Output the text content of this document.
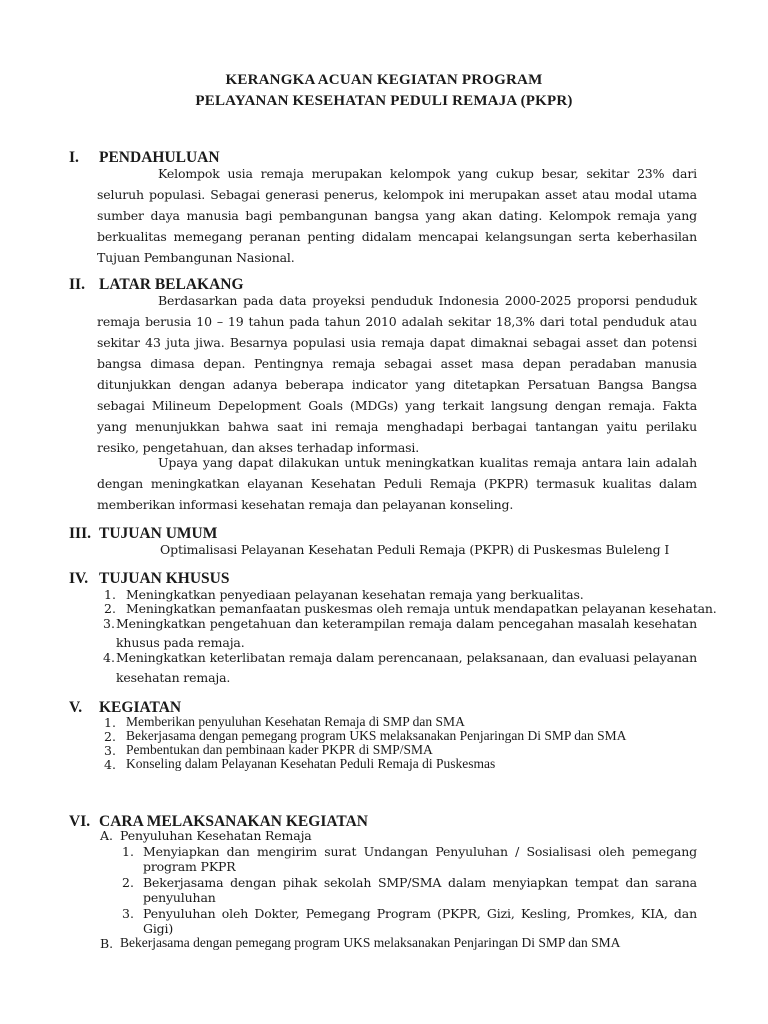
KERANGKA ACUAN KEGIATAN PROGRAM
PELAYANAN KESEHATAN PEDULI REMAJA (PKPR)
I. PENDAHULUAN
Kelompok usia remaja merupakan kelompok yang cukup besar, sekitar 23% dari seluruh populasi. Sebagai generasi penerus, kelompok ini merupakan asset atau modal utama sumber daya manusia bagi pembangunan bangsa yang akan dating. Kelompok remaja yang berkualitas memegang peranan penting didalam mencapai kelangsungan serta keberhasilan Tujuan Pembangunan Nasional.
II. LATAR BELAKANG
Berdasarkan pada data proyeksi penduduk Indonesia 2000-2025 proporsi penduduk remaja berusia 10 – 19 tahun pada tahun 2010 adalah sekitar 18,3% dari total penduduk atau sekitar 43 juta jiwa. Besarnya populasi usia remaja dapat dimaknai sebagai asset dan potensi bangsa dimasa depan. Pentingnya remaja sebagai asset masa depan peradaban manusia ditunjukkan dengan adanya beberapa indicator yang ditetapkan Persatuan Bangsa Bangsa sebagai Milineum Depelopment Goals (MDGs) yang terkait langsung dengan remaja. Fakta yang menunjukkan bahwa saat ini remaja menghadapi berbagai tantangan yaitu perilaku resiko, pengetahuan, dan akses terhadap informasi.
Upaya yang dapat dilakukan untuk meningkatkan kualitas remaja antara lain adalah dengan meningkatkan elayanan Kesehatan Peduli Remaja (PKPR) termasuk kualitas dalam memberikan informasi kesehatan remaja dan pelayanan konseling.
III. TUJUAN UMUM
Optimalisasi Pelayanan Kesehatan Peduli Remaja (PKPR) di Puskesmas Buleleng I
IV. TUJUAN KHUSUS
1. Meningkatkan penyediaan pelayanan kesehatan remaja yang berkualitas.
2. Meningkatkan pemanfaatan puskesmas oleh remaja untuk mendapatkan pelayanan kesehatan.
3. Meningkatkan pengetahuan dan keterampilan remaja dalam pencegahan masalah kesehatan
khusus pada remaja.
4. Meningkatkan keterlibatan remaja dalam perencanaan, pelaksanaan, dan evaluasi pelayanan
kesehatan remaja.
V. KEGIATAN
1. Memberikan penyuluhan Kesehatan Remaja di SMP dan SMA
2. Bekerjasama dengan pemegang program UKS melaksanakan Penjaringan Di SMP dan SMA
3. Pembentukan dan pembinaan kader PKPR di SMP/SMA
4. Konseling dalam Pelayanan Kesehatan Peduli Remaja di Puskesmas
VI. CARA MELAKSANAKAN KEGIATAN
A. Penyuluhan Kesehatan Remaja
1. Menyiapkan dan mengirim surat Undangan Penyuluhan / Sosialisasi oleh pemegang
program PKPR
2. Bekerjasama dengan pihak sekolah SMP/SMA dalam menyiapkan tempat dan sarana
penyuluhan
3. Penyuluhan oleh Dokter, Pemegang Program (PKPR, Gizi, Kesling, Promkes, KIA, dan
Gigi)
B. Bekerjasama dengan pemegang program UKS melaksanakan Penjaringan Di SMP dan SMA
